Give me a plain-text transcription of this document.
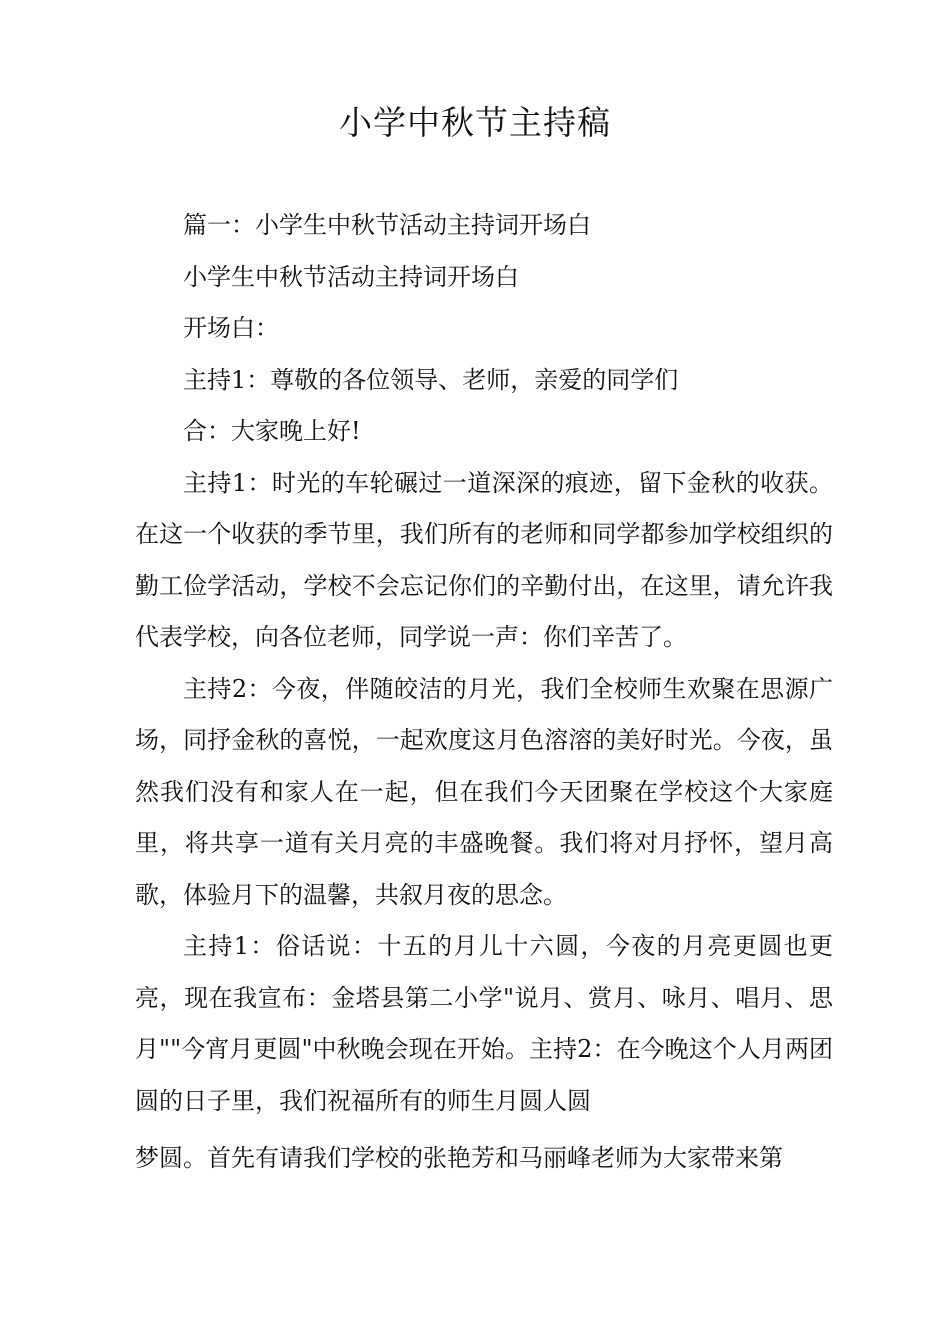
小学中秋节主持稿

篇一：小学生中秋节活动主持词开场白

小学生中秋节活动主持词开场白

开场白：

主持1：尊敬的各位领导、老师，亲爱的同学们

合：大家晚上好!

主持1：时光的车轮碾过一道深深的痕迹，留下金秋的收获。在这一个收获的季节里，我们所有的老师和同学都参加学校组织的勤工俭学活动，学校不会忘记你们的辛勤付出，在这里，请允许我代表学校，向各位老师，同学说一声：你们辛苦了。

主持2：今夜，伴随皎洁的月光，我们全校师生欢聚在思源广场，同抒金秋的喜悦，一起欢度这月色溶溶的美好时光。今夜，虽然我们没有和家人在一起，但在我们今天团聚在学校这个大家庭里，将共享一道有关月亮的丰盛晚餐。我们将对月抒怀，望月高歌，体验月下的温馨，共叙月夜的思念。

主持1：俗话说：十五的月儿十六圆，今夜的月亮更圆也更亮，现在我宣布：金塔县第二小学"说月、赏月、咏月、唱月、思月""今宵月更圆"中秋晚会现在开始。主持2：在今晚这个人月两团圆的日子里，我们祝福所有的师生月圆人圆

梦圆。首先有请我们学校的张艳芳和马丽峰老师为大家带来第
